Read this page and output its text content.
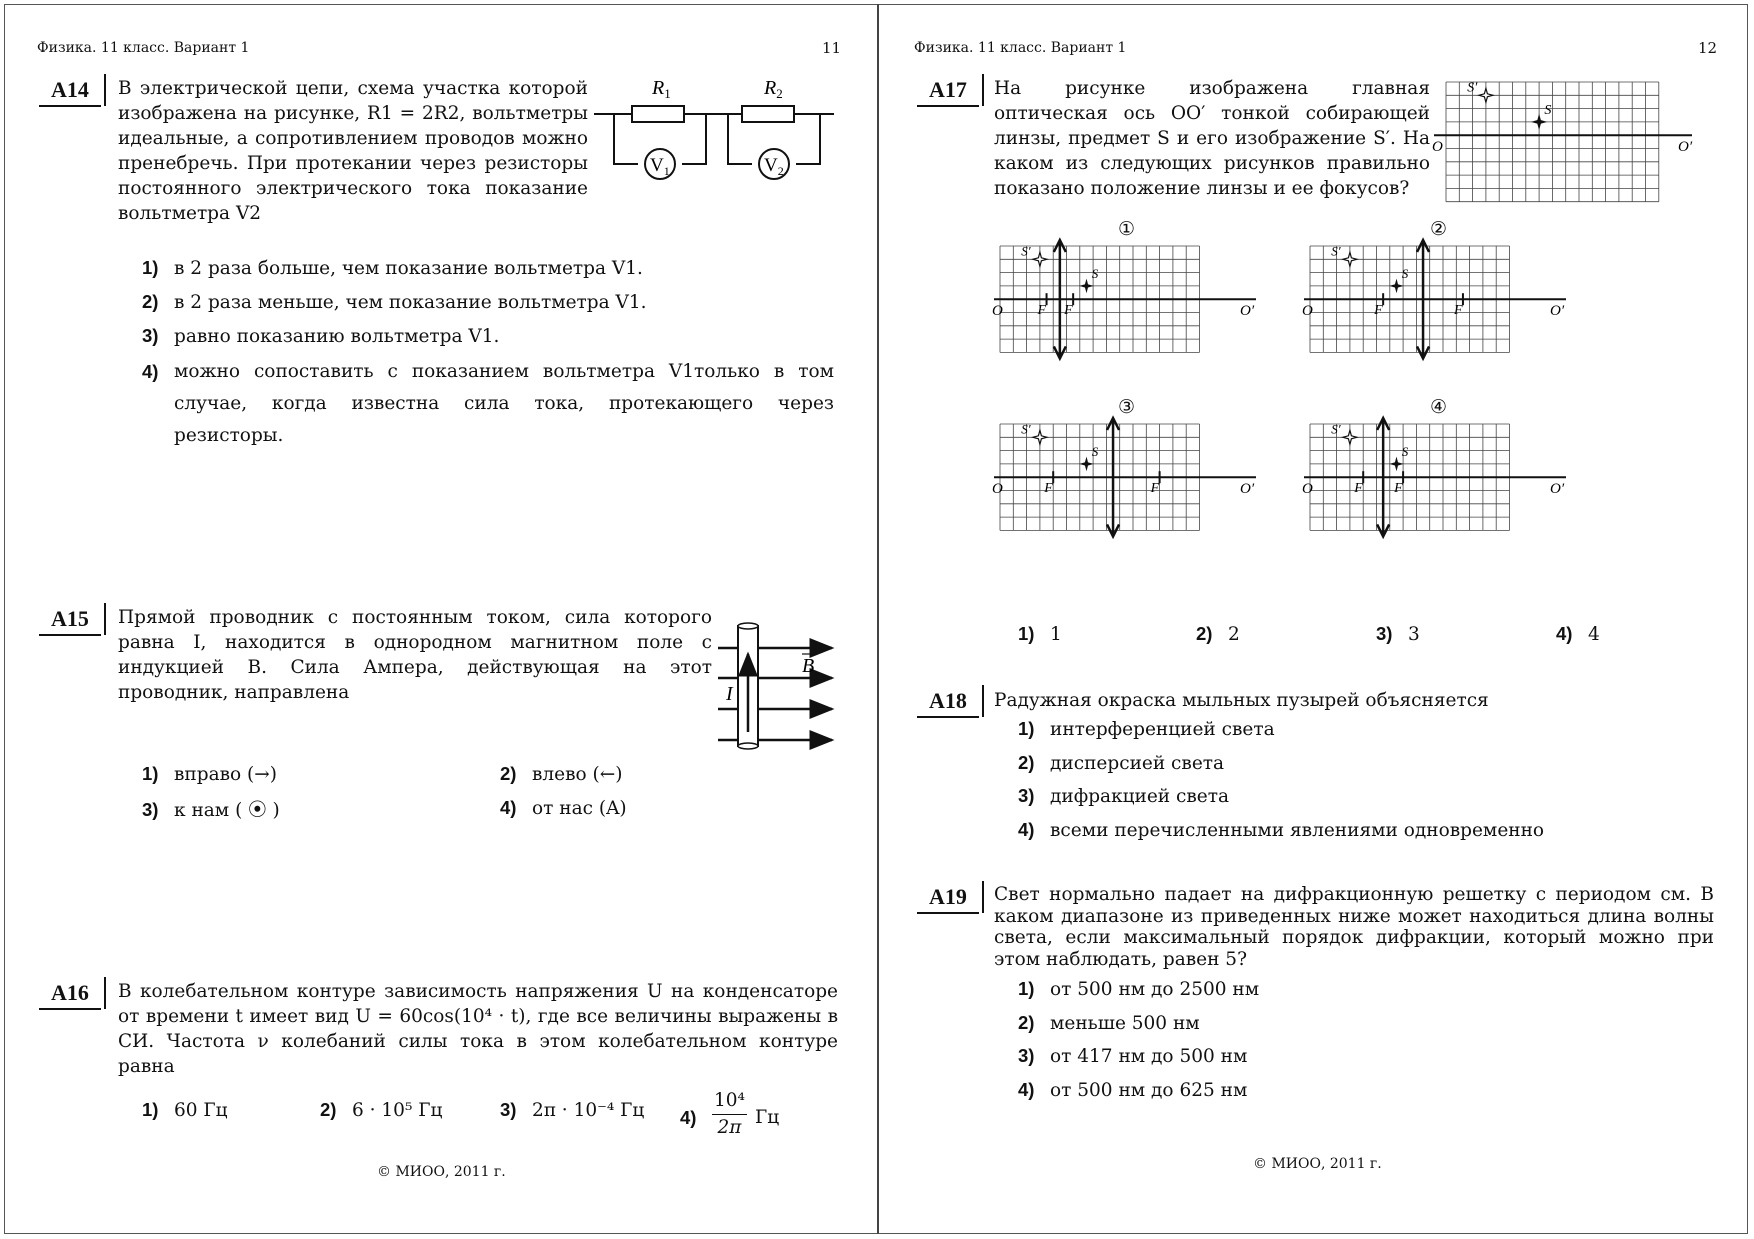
Физика. 11 класс. Вариант 1	11
A14	В электрической цепи, схема участка которой изображена на рисунке, R1 = 2R2, вольтметры идеальные, а сопротивлением проводов можно пренебречь. При протекании через резисторы постоянного электрического тока показание вольтметра V2
$R_1$	$R_2$
$V_1$	$V_2$
1) в 2 раза больше, чем показание вольтметра V1.
2) в 2 раза меньше, чем показание вольтметра V1.
3) равно показанию вольтметра V1.
4) можно сопоставить с показанием вольтметра V1только в том случае, когда известна сила тока, протекающего через резисторы.
A15	Прямой проводник с постоянным током, сила которого равна I, находится в однородном магнитном поле с индукцией B. Сила Ампера, действующая на этот проводник, направлена	I
B
1) вправо (→)	2) влево (←)
3) к нам ( ⦿ )	4) от нас (A)
A16	В колебательном контуре зависимость напряжения U на конденсаторе от времени t имеет вид U = 60cos(10⁴ · t), где все величины выражены в СИ. Частота ν колебаний силы тока в этом колебательном контуре равна
1) 60 Гц	2) 6 · 10⁵ Гц	3) 2π · 10⁻⁴ Гц $4) \frac{\text{10⁴}}{2\pi}$ Гц
© МИОО, 2011 г.
Физика. 11 класс. Вариант 1	12
A17	На рисунке изображена главная оптическая ось OO′ тонкой собирающей линзы, предмет S и его изображение S′. На каком из следующих рисунков правильно показано положение линзы и ее фокусов?
O	O′
S′
S
①	②
③	④
O	O′
S′
S
F F	O	O′
S′
S
F	F
O	O′
S′
S
F	F	O	O′
S′
S
F F
1) 1	2) 2	3) 3	4) 4
A18	Радужная окраска мыльных пузырей объясняется
1) интерференцией света
2) дисперсией света
3) дифракцией света
4) всеми перечисленными явлениями одновременно
A19	Свет нормально падает на дифракционную решетку с периодом см. В каком диапазоне из приведенных ниже может находиться длина волны света, если максимальный порядок дифракции, который можно при этом наблюдать, равен 5?
1) от 500 нм до 2500 нм
2) меньше 500 нм
3) от 417 нм до 500 нм
4) от 500 нм до 625 нм
© МИОО, 2011 г.
